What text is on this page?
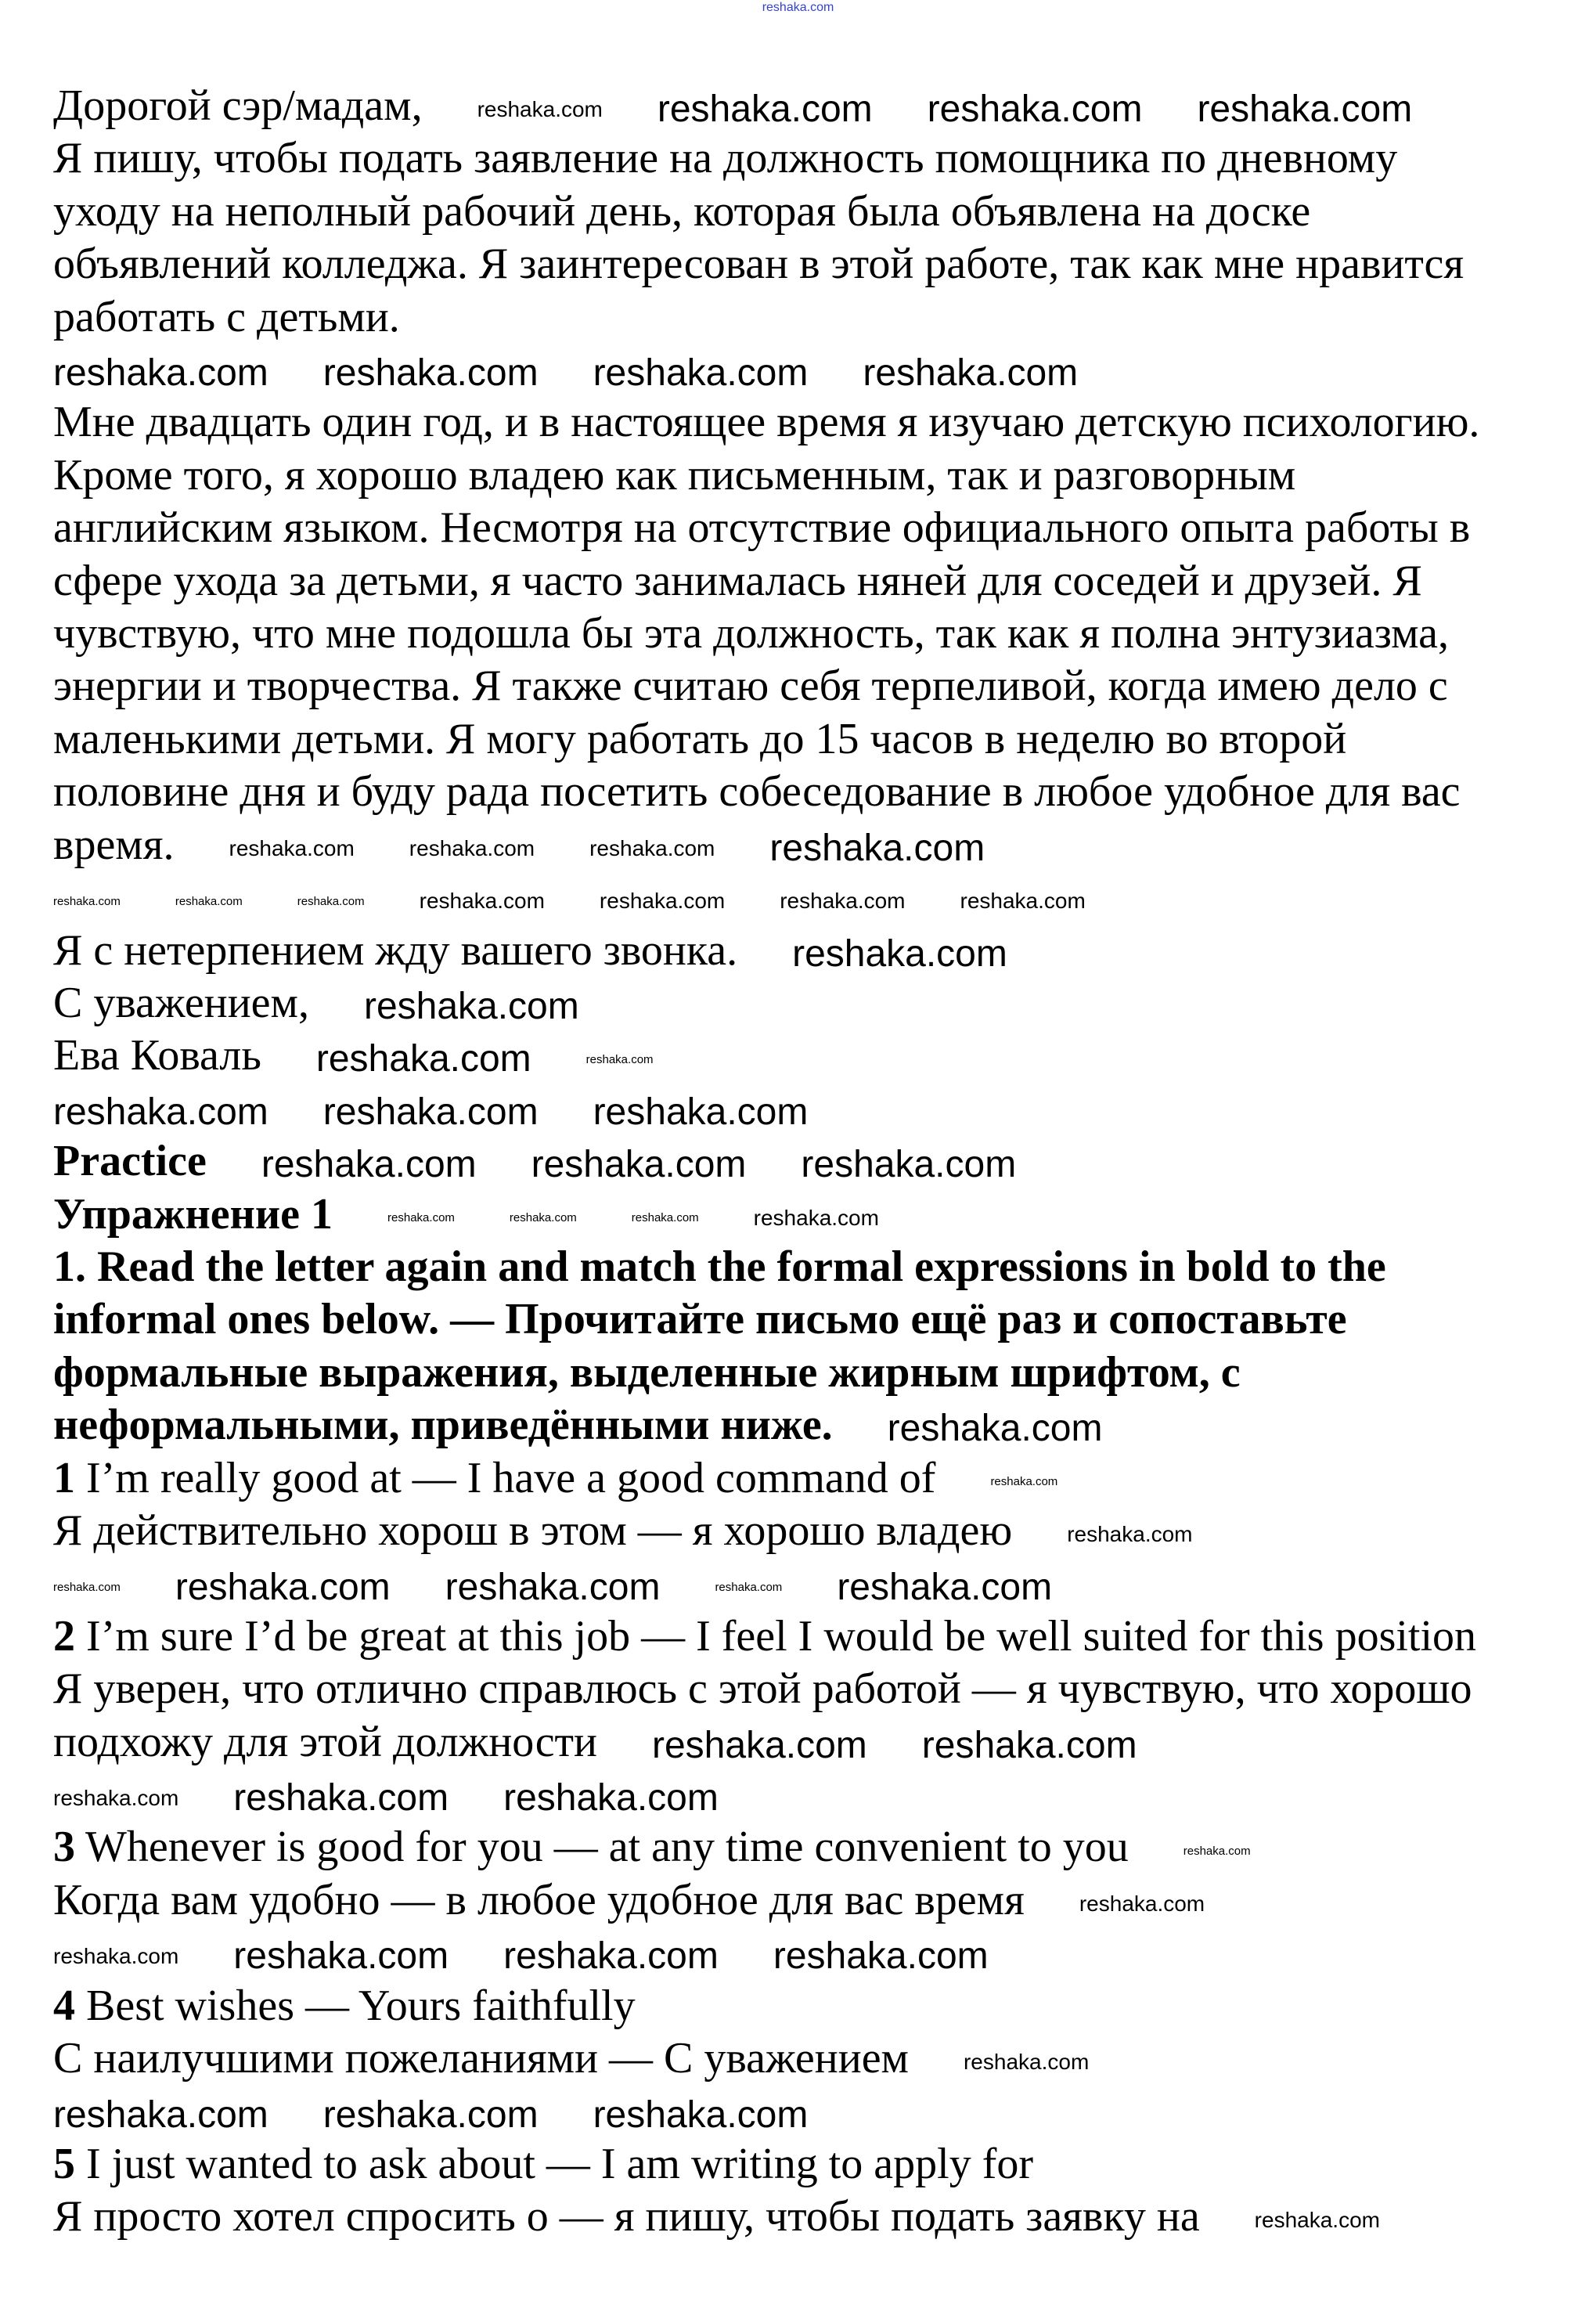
reshaka.com
Дорогой сэр/мадам,	reshaka.com reshaka.com reshaka.com reshaka.com
Я пишу, чтобы подать заявление на должность помощника по дневному
уходу на неполный рабочий день, которая была объявлена на доске
объявлений колледжа. Я заинтересован в этой работе, так как мне нравится
работать с детьми.
reshaka.com reshaka.com reshaka.com reshaka.com
Мне двадцать один год, и в настоящее время я изучаю детскую психологию.
Кроме того, я хорошо владею как письменным, так и разговорным
английским языком. Несмотря на отсутствие официального опыта работы в
сфере ухода за детьми, я часто занималась няней для соседей и друзей. Я
чувствую, что мне подошла бы эта должность, так как я полна энтузиазма,
энергии и творчества. Я также считаю себя терпеливой, когда имею дело с
маленькими детьми. Я могу работать до 15 часов в неделю во второй
половине дня и буду рада посетить собеседование в любое удобное для вас
время.	reshaka.com	reshaka.com	reshaka.com reshaka.com
reshaka.com	reshaka.com	reshaka.com	reshaka.com	reshaka.com	reshaka.com	reshaka.com
Я с нетерпением жду вашего звонка. reshaka.com
С уважением, reshaka.com
Ева Коваль reshaka.com	reshaka.com
reshaka.com reshaka.com reshaka.com
Practice reshaka.com reshaka.com reshaka.com
Упражнение 1	reshaka.com	reshaka.com	reshaka.com	reshaka.com
1. Read the letter again and match the formal expressions in bold to the
informal ones below. — Прочитайте письмо ещё раз и сопоставьте
формальные выражения, выделенные жирным шрифтом, с
неформальными, приведёнными ниже. reshaka.com
1 I’m really good at — I have a good command of	reshaka.com
Я действительно хорош в этом — я хорошо владею	reshaka.com
reshaka.com reshaka.com reshaka.com	reshaka.com reshaka.com
2 I’m sure I’d be great at this job — I feel I would be well suited for this position
Я уверен, что отлично справлюсь с этой работой — я чувствую, что хорошо
подхожу для этой должности reshaka.com reshaka.com
reshaka.com reshaka.com reshaka.com
3 Whenever is good for you — at any time convenient to you	reshaka.com
Когда вам удобно — в любое удобное для вас время	reshaka.com
reshaka.com reshaka.com reshaka.com reshaka.com
4 Best wishes — Yours faithfully
С наилучшими пожеланиями — С уважением	reshaka.com
reshaka.com reshaka.com reshaka.com
5 I just wanted to ask about — I am writing to apply for
Я просто хотел спросить о — я пишу, чтобы подать заявку на	reshaka.com
